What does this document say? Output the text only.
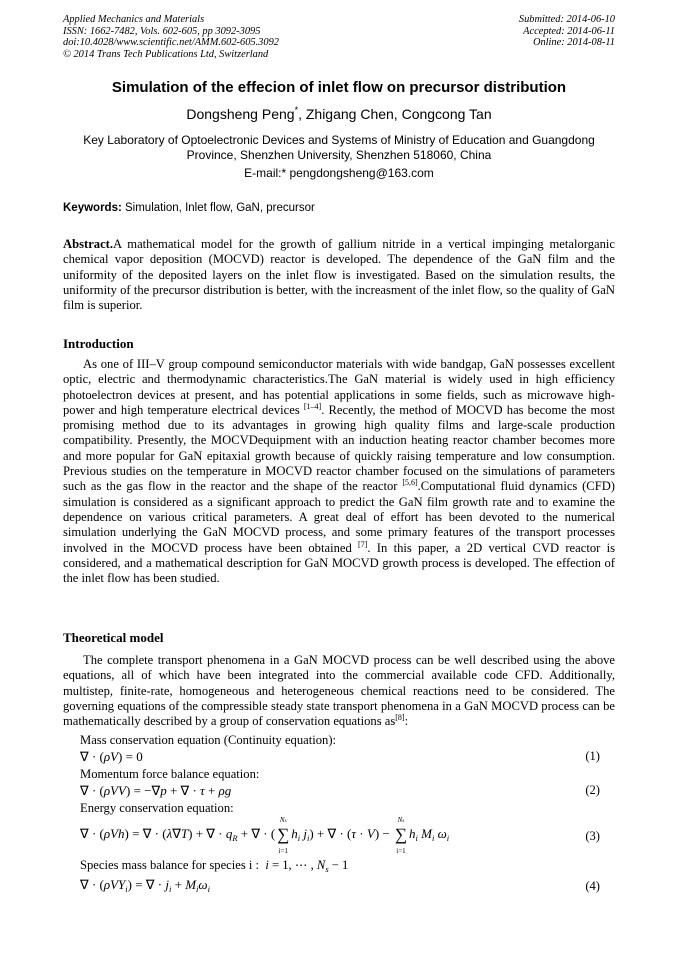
Applied Mechanics and Materials
ISSN: 1662-7482, Vols. 602-605, pp 3092-3095
doi:10.4028/www.scientific.net/AMM.602-605.3092
© 2014 Trans Tech Publications Ltd, Switzerland
Submitted: 2014-06-10
Accepted: 2014-06-11
Online: 2014-08-11
Simulation of the effecion of inlet flow on precursor distribution
Dongsheng Peng*, Zhigang Chen, Congcong Tan
Key Laboratory of Optoelectronic Devices and Systems of Ministry of Education and Guangdong Province, Shenzhen University, Shenzhen 518060, China
E-mail:* pengdongsheng@163.com
Keywords: Simulation, Inlet flow, GaN, precursor
Abstract.A mathematical model for the growth of gallium nitride in a vertical impinging metalorganic chemical vapor deposition (MOCVD) reactor is developed. The dependence of the GaN film and the uniformity of the deposited layers on the inlet flow is investigated. Based on the simulation results, the uniformity of the precursor distribution is better, with the increasment of the inlet flow, so the quality of GaN film is superior.
Introduction
As one of III–V group compound semiconductor materials with wide bandgap, GaN possesses excellent optic, electric and thermodynamic characteristics.The GaN material is widely used in high efficiency photoelectron devices at present, and has potential applications in some fields, such as microwave high-power and high temperature electrical devices [1–4]. Recently, the method of MOCVD has become the most promising method due to its advantages in growing high quality films and large-scale production compatibility. Presently, the MOCVDequipment with an induction heating reactor chamber becomes more and more popular for GaN epitaxial growth because of quickly raising temperature and low consumption. Previous studies on the temperature in MOCVD reactor chamber focused on the simulations of parameters such as the gas flow in the reactor and the shape of the reactor [5,6].Computational fluid dynamics (CFD) simulation is considered as a significant approach to predict the GaN film growth rate and to examine the dependence on various critical parameters. A great deal of effort has been devoted to the numerical simulation underlying the GaN MOCVD process, and some primary features of the transport processes involved in the MOCVD process have been obtained [7]. In this paper, a 2D vertical CVD reactor is considered, and a mathematical description for GaN MOCVD growth process is developed. The effection of the inlet flow has been studied.
Theoretical model
The complete transport phenomena in a GaN MOCVD process can be well described using the above equations, all of which have been integrated into the commercial available code CFD. Additionally, multistep, finite-rate, homogeneous and heterogeneous chemical reactions need to be considered. The governing equations of the compressible steady state transport phenomena in a GaN MOCVD process can be mathematically described by a group of conservation equations as[8]:
Mass conservation equation (Continuity equation):
∇ · (ρV) = 0	(1)
Momentum force balance equation:
∇ · (ρVV) = −∇p + ∇ · τ + ρg	(2)
Energy conservation equation:
∇ · (ρVh) = ∇ · (λ∇T) + ∇ · $q_R$ + ∇ · (
Ns
∑
i=1
$h_i$ $j_i$) + ∇ · (τ · V) −
Ns
∑
i=1
$h_i$ $M_i$ $\omega_i$	(3)
Species mass balance for species i : i = 1, ⋯ , $N_s - 1$
∇ · (ρVY$_i$) = ∇ · $j_i + M_i\omega_i$	(4)
